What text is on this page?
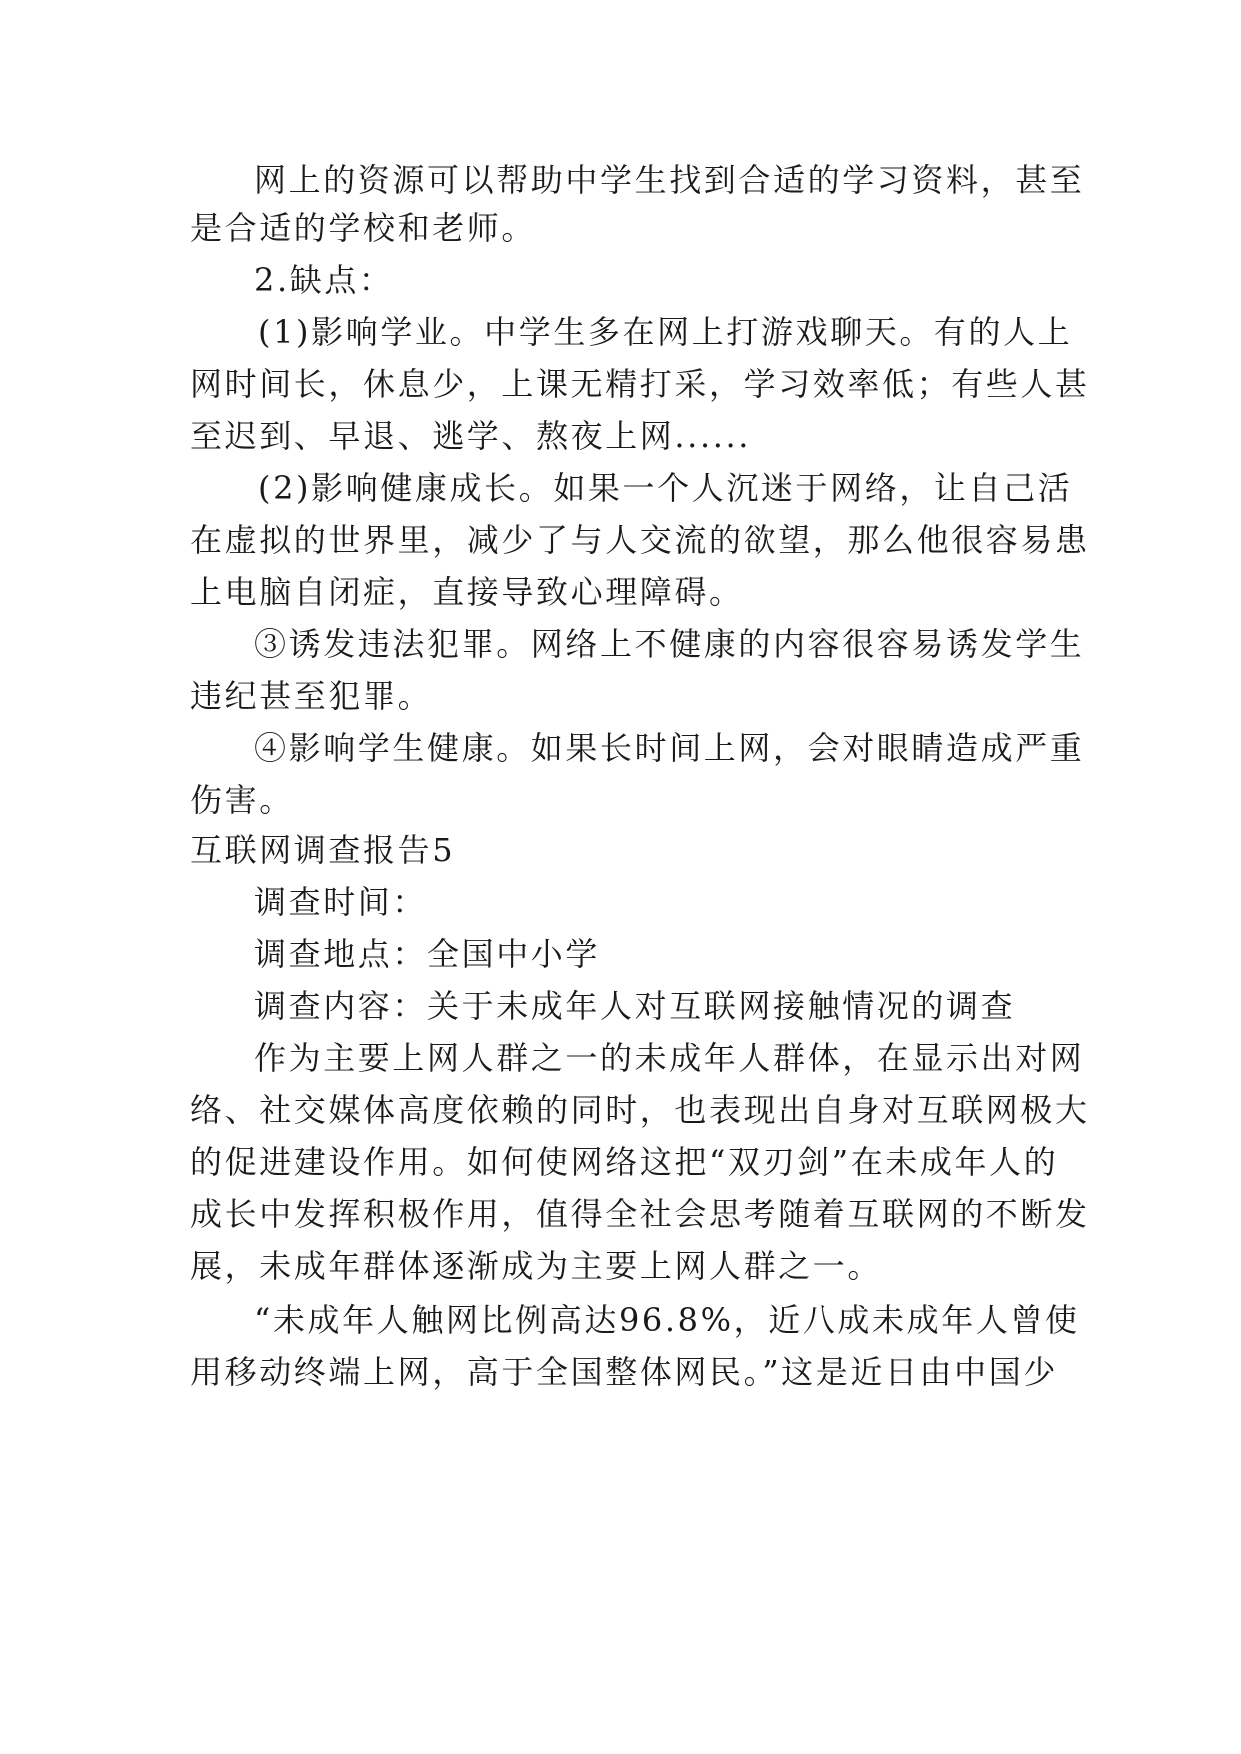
网上的资源可以帮助中学生找到合适的学习资料，甚至
是合适的学校和老师。
2.缺点：
(1)影响学业。中学生多在网上打游戏聊天。有的人上
网时间长，休息少，上课无精打采，学习效率低；有些人甚
至迟到、早退、逃学、熬夜上网......
(2)影响健康成长。如果一个人沉迷于网络，让自己活
在虚拟的世界里，减少了与人交流的欲望，那么他很容易患
上电脑自闭症，直接导致心理障碍。
③诱发违法犯罪。网络上不健康的内容很容易诱发学生
违纪甚至犯罪。
④影响学生健康。如果长时间上网，会对眼睛造成严重
伤害。
互联网调查报告5
调查时间：
调查地点：全国中小学
调查内容：关于未成年人对互联网接触情况的调查
作为主要上网人群之一的未成年人群体，在显示出对网
络、社交媒体高度依赖的同时，也表现出自身对互联网极大
的促进建设作用。如何使网络这把“双刃剑”在未成年人的
成长中发挥积极作用，值得全社会思考随着互联网的不断发
展，未成年群体逐渐成为主要上网人群之一。
“未成年人触网比例高达96.8%，近八成未成年人曾使
用移动终端上网，高于全国整体网民。”这是近日由中国少
